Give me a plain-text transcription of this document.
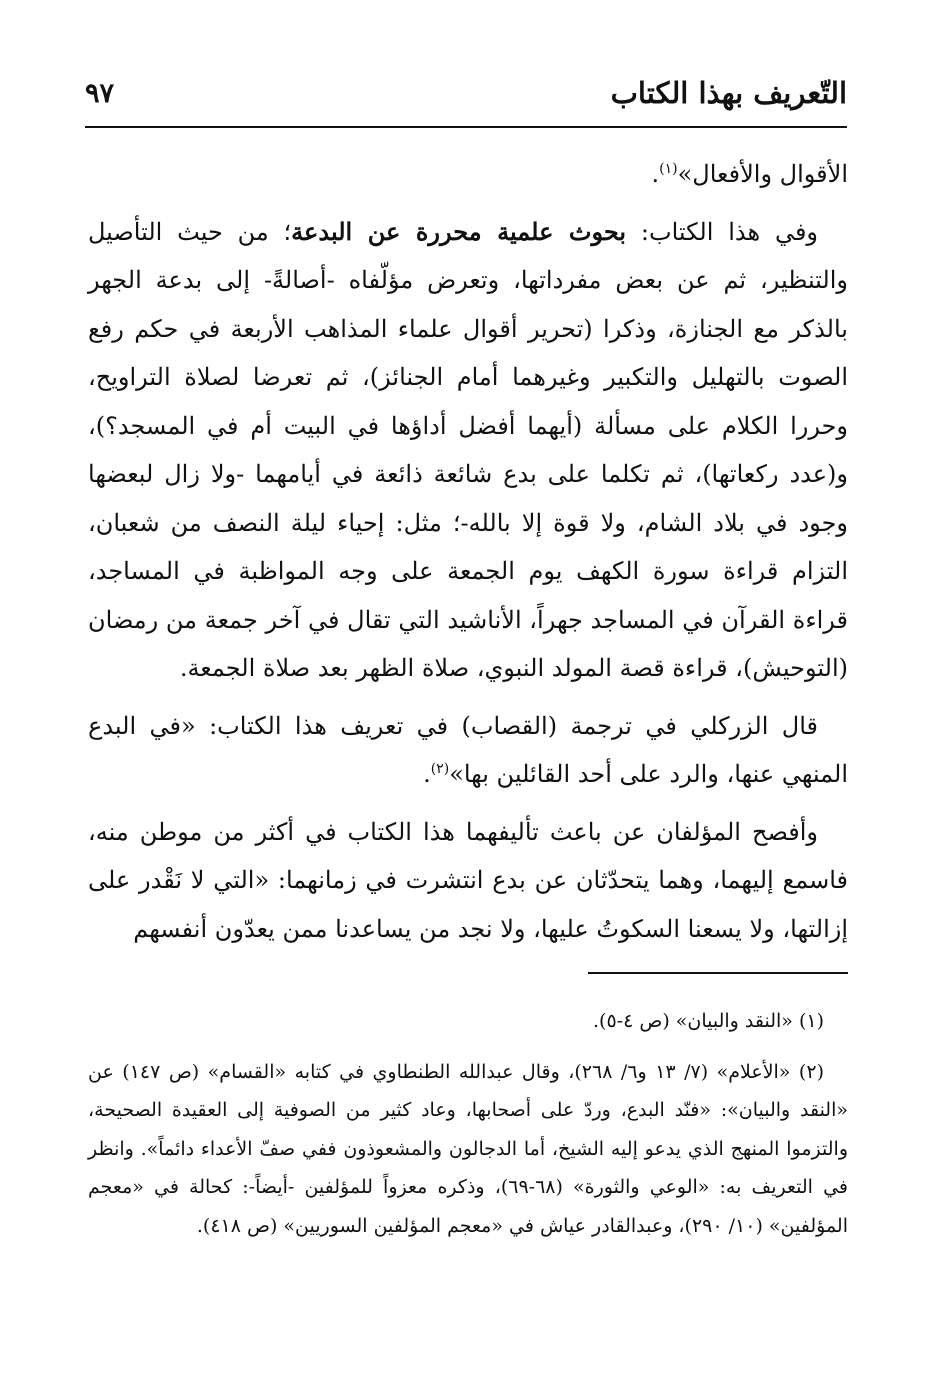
التّعريف بهذا الكتاب
٩٧

الأقوال والأفعال»$^{(١)}$.

وفي هذا الكتاب: بحوث علمية محررة عن البدعة؛ من حيث التأصيل والتنظير، ثم عن بعض مفرداتها، وتعرض مؤلّفاه -أصالةً- إلى بدعة الجهر بالذكر مع الجنازة، وذكرا (تحرير أقوال علماء المذاهب الأربعة في حكم رفع الصوت بالتهليل والتكبير وغيرهما أمام الجنائز)، ثم تعرضا لصلاة التراويح، وحررا الكلام على مسألة (أيهما أفضل أداؤها في البيت أم في المسجد؟)، و(عدد ركعاتها)، ثم تكلما على بدع شائعة ذائعة في أيامهما -ولا زال لبعضها وجود في بلاد الشام، ولا قوة إلا بالله-؛ مثل: إحياء ليلة النصف من شعبان، التزام قراءة سورة الكهف يوم الجمعة على وجه المواظبة في المساجد، قراءة القرآن في المساجد جهراً، الأناشيد التي تقال في آخر جمعة من رمضان (التوحيش)، قراءة قصة المولد النبوي، صلاة الظهر بعد صلاة الجمعة.

قال الزركلي في ترجمة (القصاب) في تعريف هذا الكتاب: «في البدع المنهي عنها، والرد على أحد القائلين بها»$^{(٢)}$.

وأفصح المؤلفان عن باعث تأليفهما هذا الكتاب في أكثر من موطن منه، فاسمع إليهما، وهما يتحدّثان عن بدع انتشرت في زمانهما: «التي لا نَقْدر على إزالتها، ولا يسعنا السكوتُ عليها، ولا نجد من يساعدنا ممن يعدّون أنفسهم

(١) «النقد والبيان» (ص ٤-٥).

(٢) «الأعلام» (٧/ ١٣ و٦/ ٢٦٨)، وقال عبدالله الطنطاوي في كتابه «القسام» (ص ١٤٧) عن «النقد والبيان»: «فنّد البدع، وردّ على أصحابها، وعاد كثير من الصوفية إلى العقيدة الصحيحة، والتزموا المنهج الذي يدعو إليه الشيخ، أما الدجالون والمشعوذون ففي صفّ الأعداء دائماً». وانظر في التعريف به: «الوعي والثورة» (٦٨-٦٩)، وذكره معزواً للمؤلفين -أيضاً-: كحالة في «معجم المؤلفين» (١٠/ ٢٩٠)، وعبدالقادر عياش في «معجم المؤلفين السوريين» (ص ٤١٨).
